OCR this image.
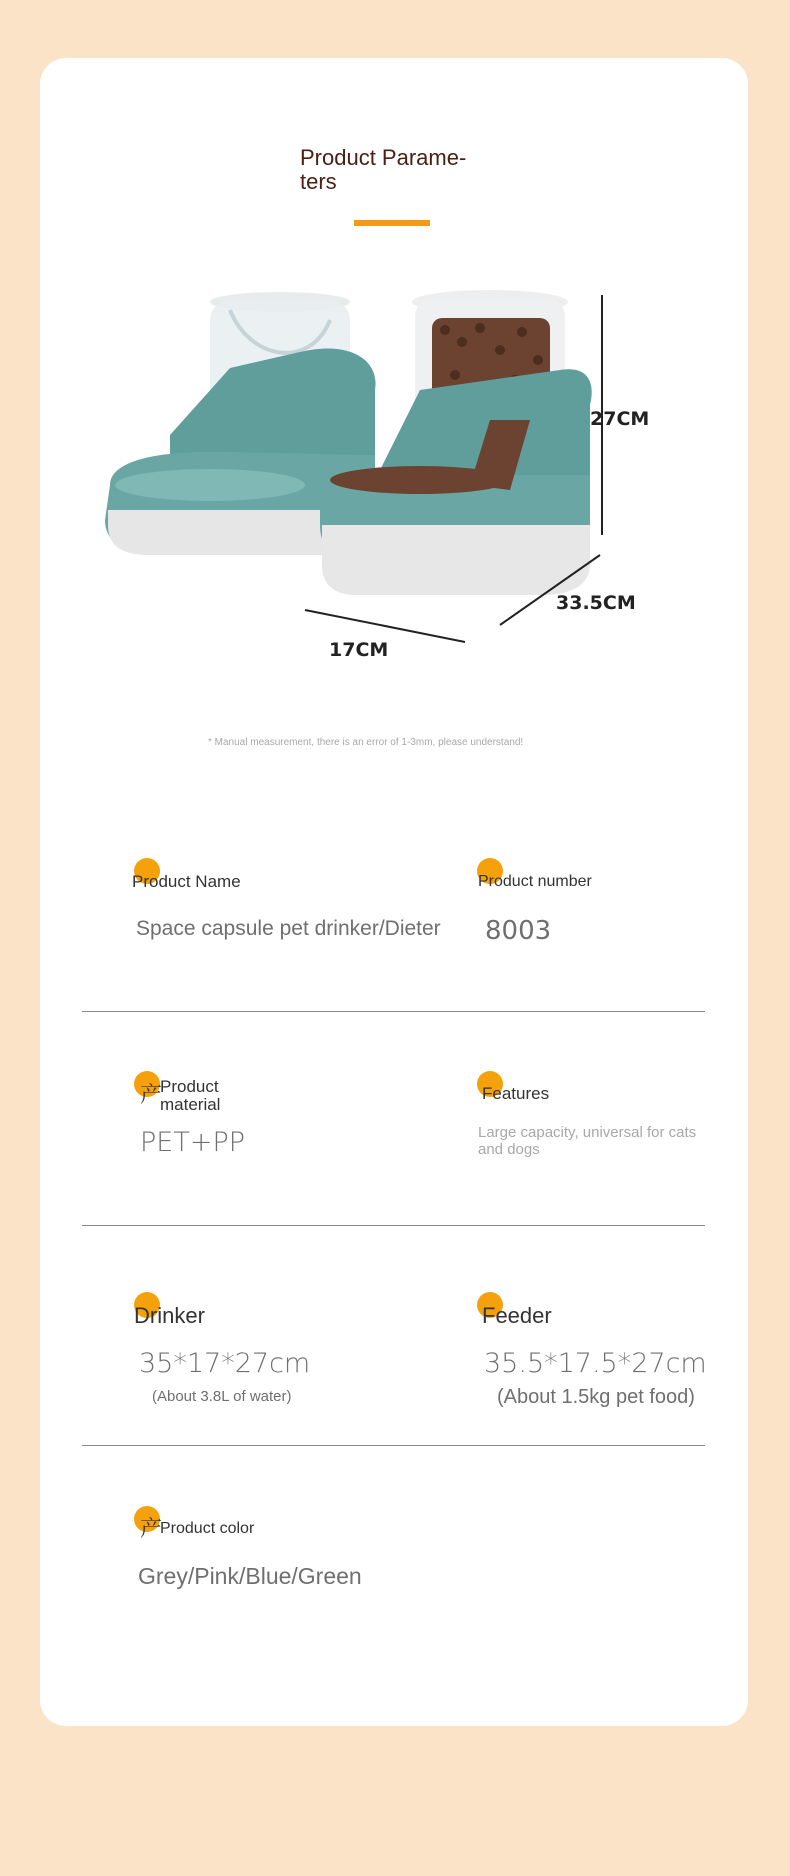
Product Parame-
ters
27CM
33.5CM
17CM
* Manual measurement, there is an error of 1-3mm, please understand!
Product Name
Space capsule pet drinker/Dieter
Product number
8003
产
Product
material
PET+PP
Features
Large capacity, universal for cats
and dogs
Drinker
35*17*27cm
(About 3.8L of water)
Feeder
35.5*17.5*27cm
(About 1.5kg pet food)
产
Product color
Grey/Pink/Blue/Green
